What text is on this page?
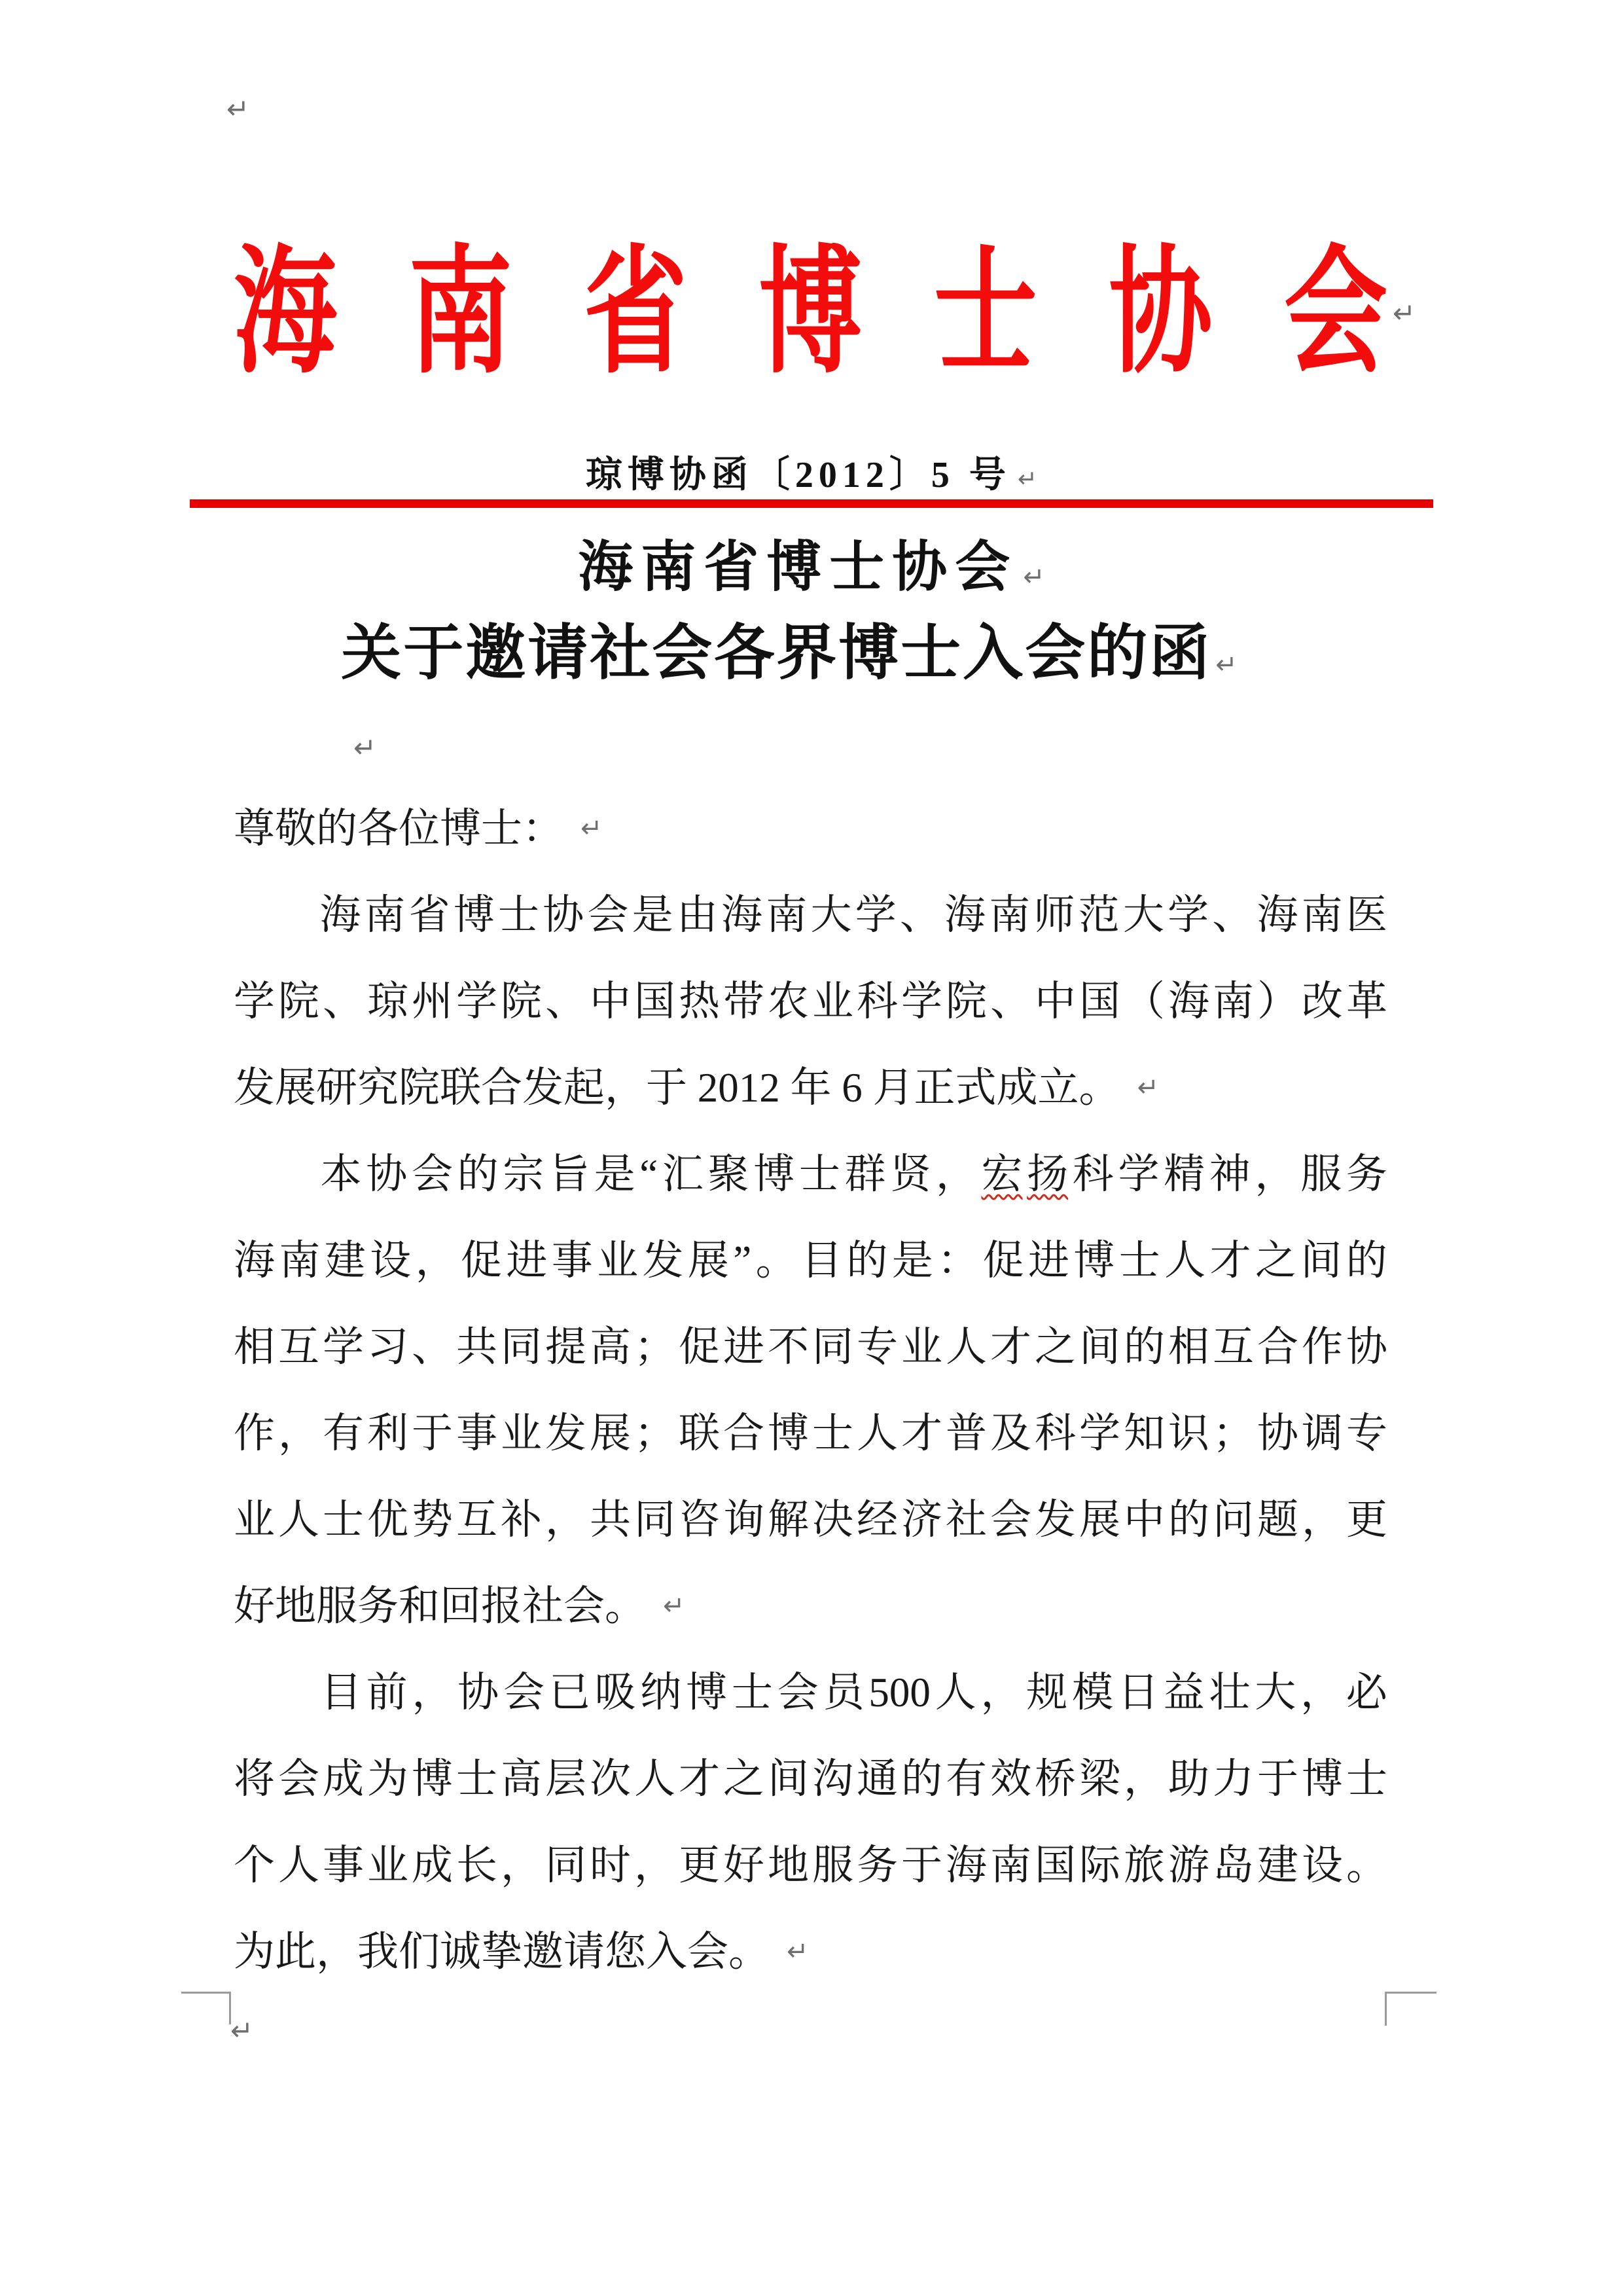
↵
海 南 省 博 士 协 会 ↵
琼博协函〔2012〕5 号 ↵
海南省博士协会 ↵
关于邀请社会各界博士入会的函 ↵
↵
尊敬的各位博士： ↵
海 南 省 博 士 协 会 是 由 海 南 大 学 、 海 南 师 范 大 学 、 海 南 医
学 院 、 琼 州 学 院 、 中 国 热 带 农 业 科 学 院 、 中 国 （ 海 南 ） 改 革
发展研究院联合发起，于 2012 年 6 月正式成立。 ↵
本 协 会 的 宗 旨 是 “ 汇 聚 博 士 群 贤 ， 宏 扬 科 学 精 神 ， 服 务
海 南 建 设 ， 促 进 事 业 发 展 ” 。 目 的 是 ： 促 进 博 士 人 才 之 间 的
相 互 学 习 、 共 同 提 高 ； 促 进 不 同 专 业 人 才 之 间 的 相 互 合 作 协
作 ， 有 利 于 事 业 发 展 ； 联 合 博 士 人 才 普 及 科 学 知 识 ； 协 调 专
业 人 士 优 势 互 补 ， 共 同 咨 询 解 决 经 济 社 会 发 展 中 的 问 题 ， 更
好地服务和回报社会。 ↵
目 前 ， 协 会 已 吸 纳 博 士 会 员 500 人 ， 规 模 日 益 壮 大 ， 必
将 会 成 为 博 士 高 层 次 人 才 之 间 沟 通 的 有 效 桥 梁 ， 助 力 于 博 士
个 人 事 业 成 长 ， 同 时 ， 更 好 地 服 务 于 海 南 国 际 旅 游 岛 建 设 。
为此，我们诚挚邀请您入会。 ↵
↵
